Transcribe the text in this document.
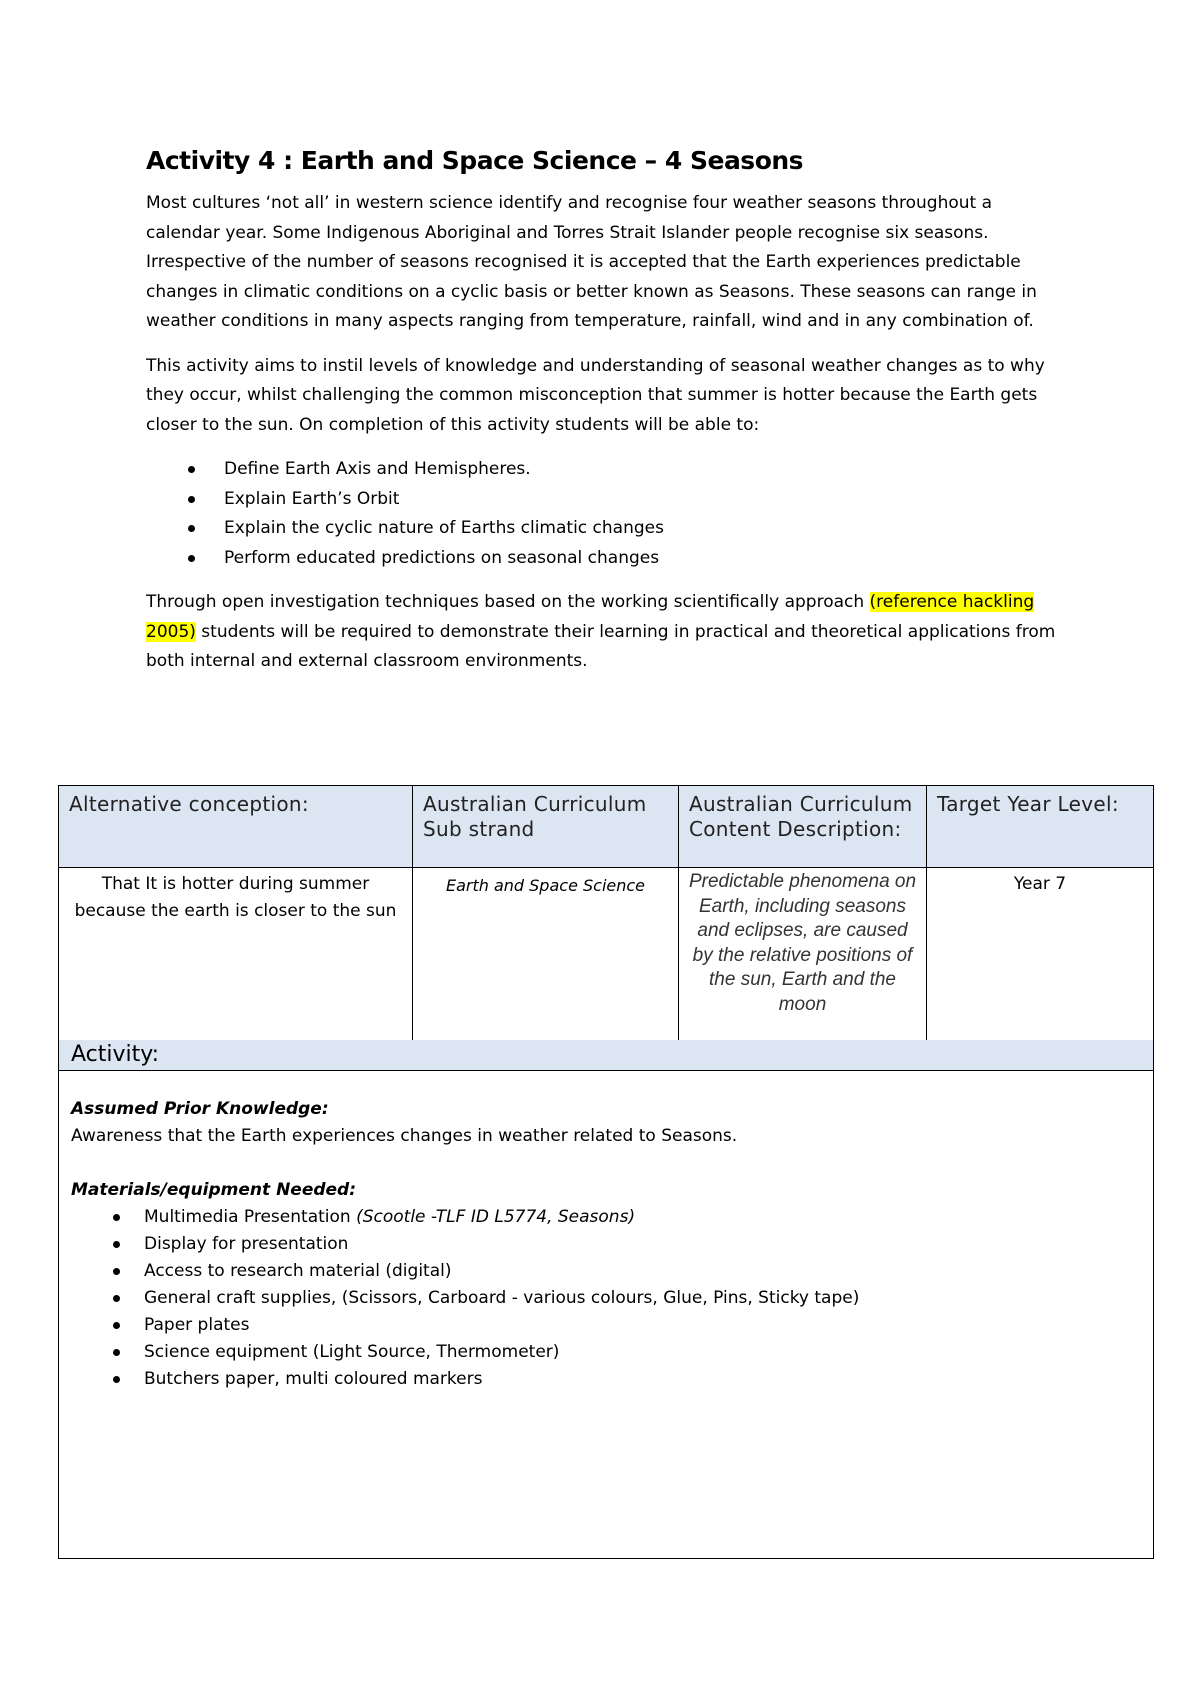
Activity 4 : Earth and Space Science – 4 Seasons

Most cultures ‘not all’ in western science identify and recognise four weather seasons throughout a calendar year. Some Indigenous Aboriginal and Torres Strait Islander people recognise six seasons. Irrespective of the number of seasons recognised it is accepted that the Earth experiences predictable changes in climatic conditions on a cyclic basis or better known as Seasons. These seasons can range in weather conditions in many aspects ranging from temperature, rainfall, wind and in any combination of.

This activity aims to instil levels of knowledge and understanding of seasonal weather changes as to why they occur, whilst challenging the common misconception that summer is hotter because the Earth gets closer to the sun. On completion of this activity students will be able to:

Define Earth Axis and Hemispheres.
Explain Earth’s Orbit
Explain the cyclic nature of Earths climatic changes
Perform educated predictions on seasonal changes

Through open investigation techniques based on the working scientifically approach (reference hackling 2005) students will be required to demonstrate their learning in practical and theoretical applications from both internal and external classroom environments.

Alternative conception:	Australian Curriculum Sub strand
Australian Curriculum Content Description:
Target Year Level:
That It is hotter during summer because the earth is closer to the sun
Earth and Space Science	Predictable phenomena on Earth, including seasons and eclipses, are caused by the relative positions of the sun, Earth and the moon
Year 7
Activity:

Assumed Prior Knowledge:

Awareness that the Earth experiences changes in weather related to Seasons.

Materials/equipment Needed:

Multimedia Presentation (Scootle -TLF ID L5774, Seasons)
Display for presentation
Access to research material (digital)
General craft supplies, (Scissors, Carboard - various colours, Glue, Pins, Sticky tape)
Paper plates
Science equipment (Light Source, Thermometer)
Butchers paper, multi coloured markers
